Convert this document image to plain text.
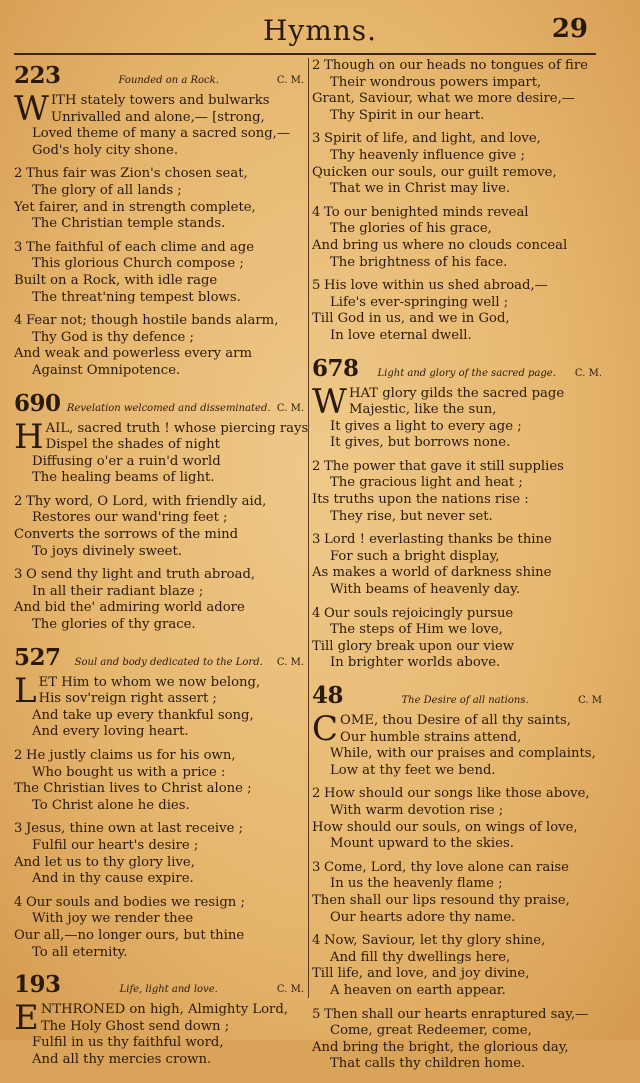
Hymns.	29
223	Founded on a Rock.	C. M.
WITH stately towers and bulwarks
Unrivalled and alone,— [strong,
Loved theme of many a sacred song,—
God's holy city shone.
2 Thus fair was Zion's chosen seat,
The glory of all lands ;
Yet fairer, and in strength complete,
The Christian temple stands.
3 The faithful of each clime and age
This glorious Church compose ;
Built on a Rock, with idle rage
The threat'ning tempest blows.
4 Fear not; though hostile bands alarm,
Thy God is thy defence ;
And weak and powerless every arm
Against Omnipotence.
690 Revelation welcomed and disseminated. C. M.
HAIL, sacred truth ! whose piercing rays
Dispel the shades of night
Diffusing o'er a ruin'd world
The healing beams of light.
2 Thy word, O Lord, with friendly aid,
Restores our wand'ring feet ;
Converts the sorrows of the mind
To joys divinely sweet.
3 O send thy light and truth abroad,
In all their radiant blaze ;
And bid the' admiring world adore
The glories of thy grace.
527	Soul and body dedicated to the Lord.	C. M.
LET Him to whom we now belong,
His sov'reign right assert ;
And take up every thankful song,
And every loving heart.
2 He justly claims us for his own,
Who bought us with a price :
The Christian lives to Christ alone ;
To Christ alone he dies.
3 Jesus, thine own at last receive ;
Fulfil our heart's desire ;
And let us to thy glory live,
And in thy cause expire.
4 Our souls and bodies we resign ;
With joy we render thee
Our all,—no longer ours, but thine
To all eternity.
193	Life, light and love.	C. M.
ENTHRONED on high, Almighty Lord,
The Holy Ghost send down ;
Fulfil in us thy faithful word,
And all thy mercies crown.
2 Though on our heads no tongues of fire
Their wondrous powers impart,
Grant, Saviour, what we more desire,—
Thy Spirit in our heart.
3 Spirit of life, and light, and love,
Thy heavenly influence give ;
Quicken our souls, our guilt remove,
That we in Christ may live.
4 To our benighted minds reveal
The glories of his grace,
And bring us where no clouds conceal
The brightness of his face.
5 His love within us shed abroad,—
Life's ever-springing well ;
Till God in us, and we in God,
In love eternal dwell.
678	Light and glory of the sacred page.	C. M.
WHAT glory gilds the sacred page
Majestic, like the sun,
It gives a light to every age ;
It gives, but borrows none.
2 The power that gave it still supplies
The gracious light and heat ;
Its truths upon the nations rise :
They rise, but never set.
3 Lord ! everlasting thanks be thine
For such a bright display,
As makes a world of darkness shine
With beams of heavenly day.
4 Our souls rejoicingly pursue
The steps of Him we love,
Till glory break upon our view
In brighter worlds above.
48	The Desire of all nations.	C. M
COME, thou Desire of all thy saints,
Our humble strains attend,
While, with our praises and complaints,
Low at thy feet we bend.
2 How should our songs like those above,
With warm devotion rise ;
How should our souls, on wings of love,
Mount upward to the skies.
3 Come, Lord, thy love alone can raise
In us the heavenly flame ;
Then shall our lips resound thy praise,
Our hearts adore thy name.
4 Now, Saviour, let thy glory shine,
And fill thy dwellings here,
Till life, and love, and joy divine,
A heaven on earth appear.
5 Then shall our hearts enraptured say,—
Come, great Redeemer, come,
And bring the bright, the glorious day,
That calls thy children home.
